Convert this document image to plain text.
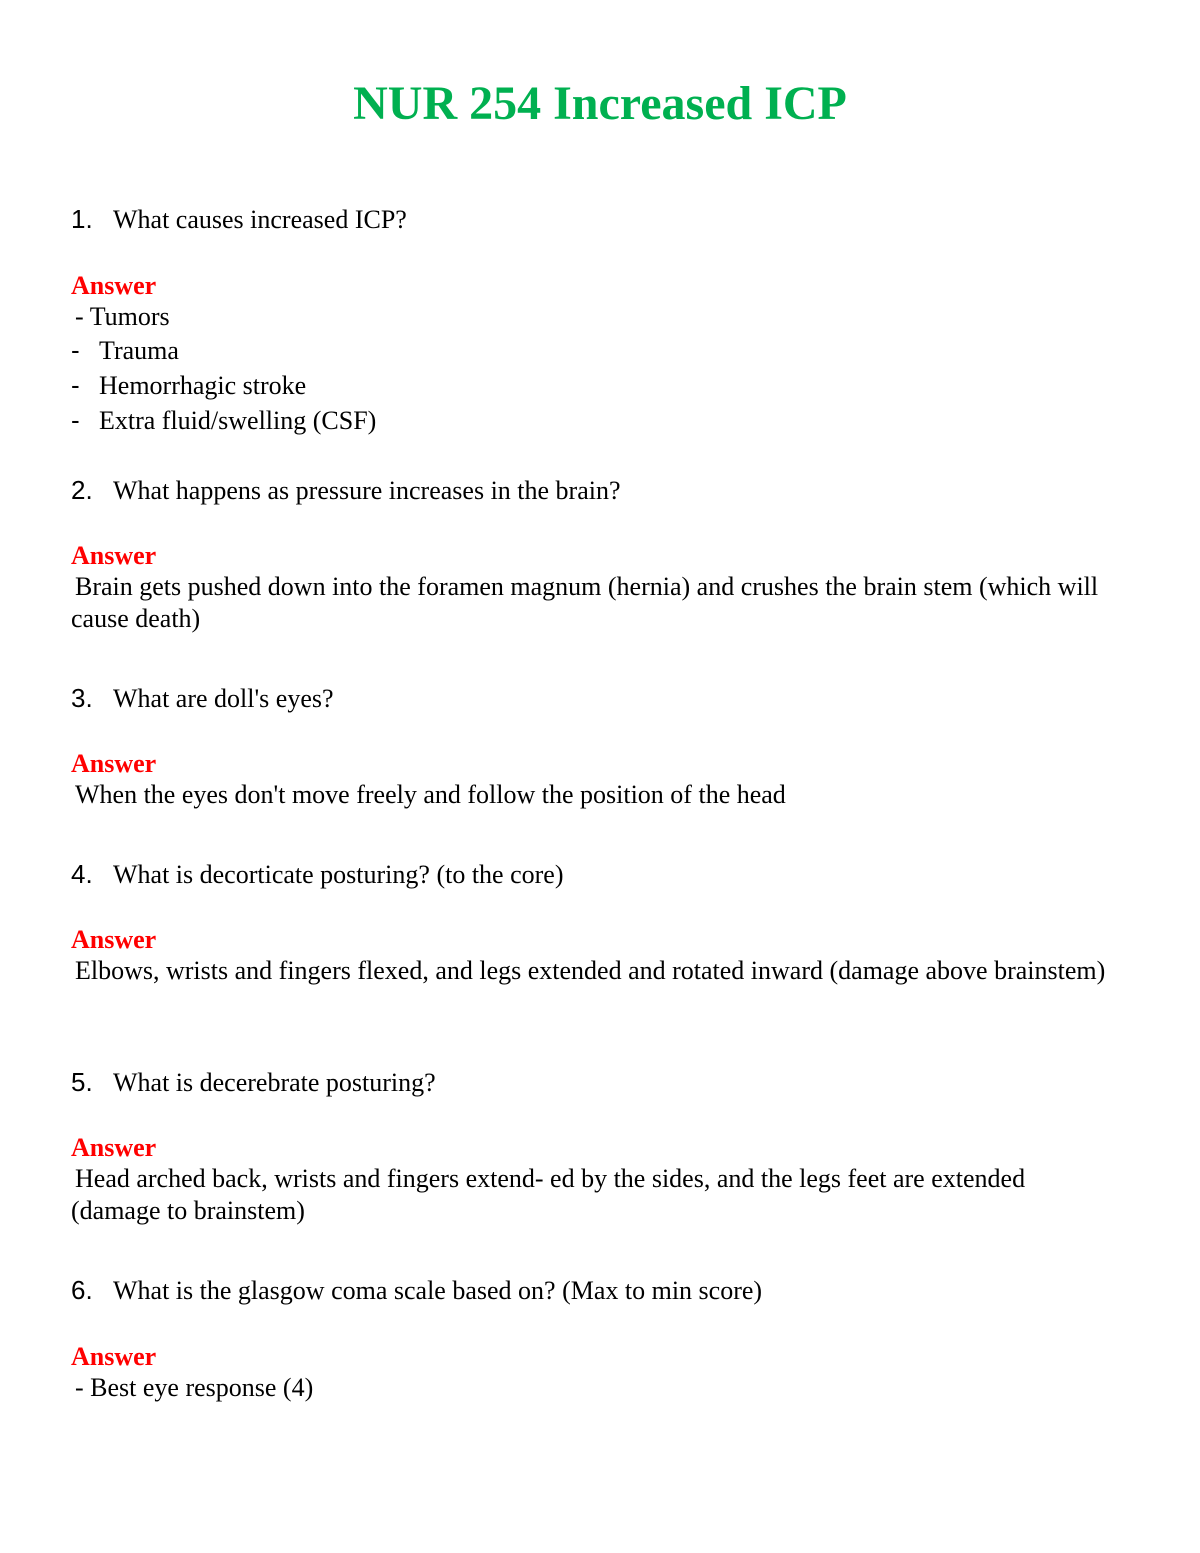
NUR 254 Increased ICP
1. What causes increased ICP?
Answer
- Tumors
- Trauma
- Hemorrhagic stroke
- Extra fluid/swelling (CSF)
2. What happens as pressure increases in the brain?
Answer
Brain gets pushed down into the foramen magnum (hernia) and crushes the brain stem (which will cause death)
3. What are doll's eyes?
Answer
When the eyes don't move freely and follow the position of the head
4. What is decorticate posturing? (to the core)
Answer
Elbows, wrists and fingers flexed, and legs extended and rotated inward (damage above brainstem)
5. What is decerebrate posturing?
Answer
Head arched back, wrists and fingers extend- ed by the sides, and the legs feet are extended (damage to brainstem)
6. What is the glasgow coma scale based on? (Max to min score)
Answer
- Best eye response (4)
